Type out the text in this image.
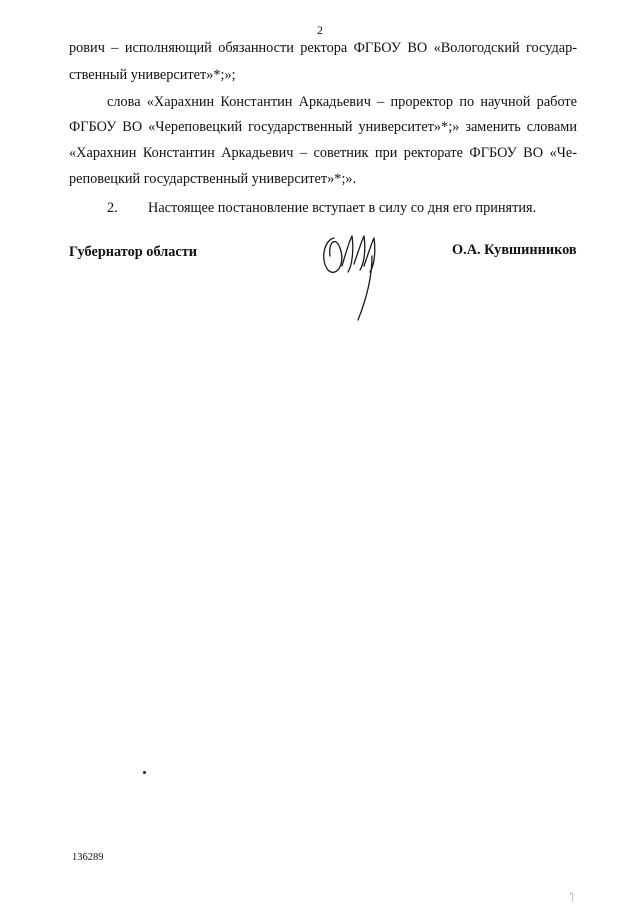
2
рович – исполняющий обязанности ректора ФГБОУ ВО «Вологодский государ-
ственный университет»*;»;
слова «Харахнин Константин Аркадьевич – проректор по научной работе
ФГБОУ ВО «Череповецкий государственный университет»*;» заменить словами
«Харахнин Константин Аркадьевич – советник при ректорате ФГБОУ ВО «Че-
реповецкий государственный университет»*;».
2. Настоящее постановление вступает в силу со дня его принятия.
Губернатор области	О.А. Кувшинников
136289
'|
